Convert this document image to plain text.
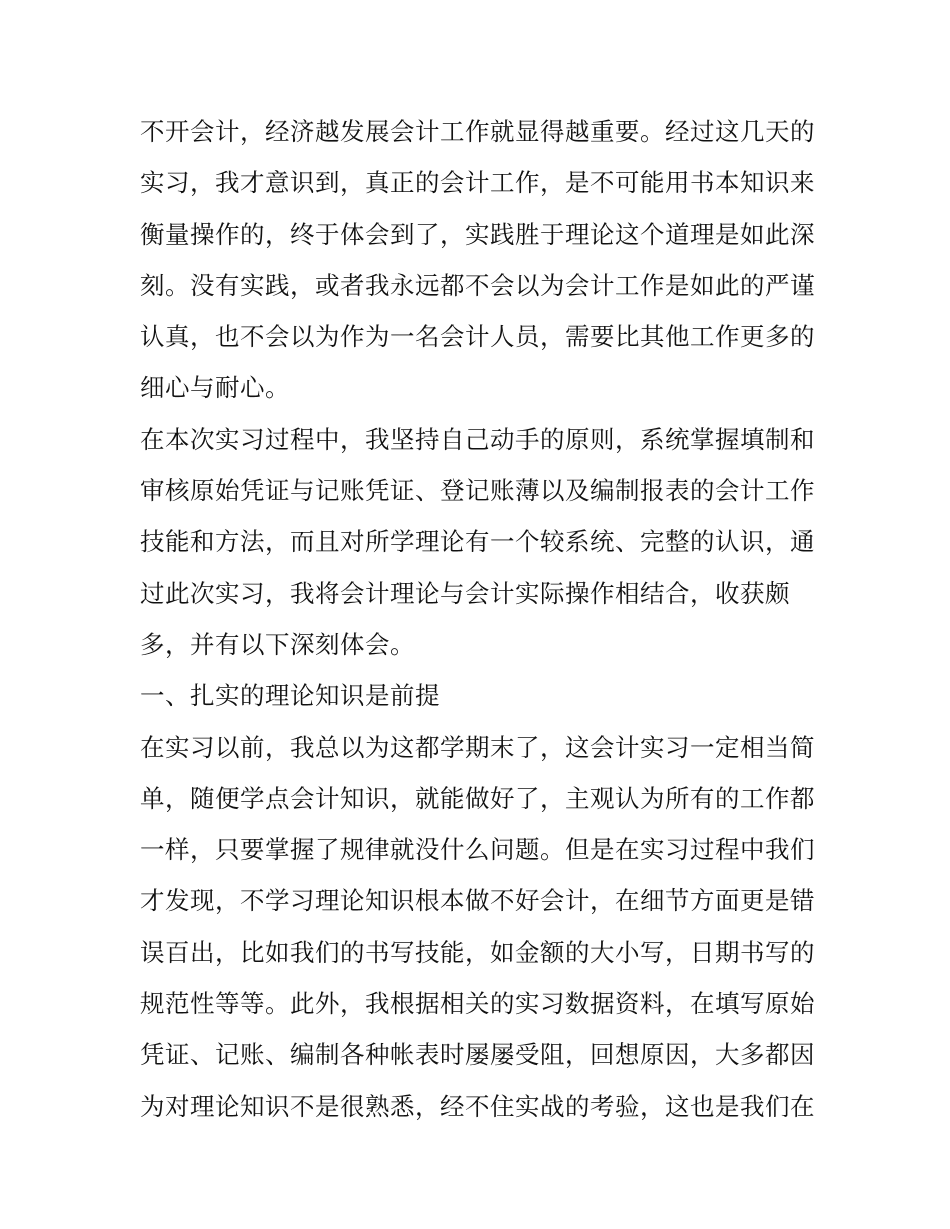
不开会计，经济越发展会计工作就显得越重要。经过这几天的
实习，我才意识到，真正的会计工作，是不可能用书本知识来
衡量操作的，终于体会到了，实践胜于理论这个道理是如此深
刻。没有实践，或者我永远都不会以为会计工作是如此的严谨
认真，也不会以为作为一名会计人员，需要比其他工作更多的
细心与耐心。
在本次实习过程中，我坚持自己动手的原则，系统掌握填制和
审核原始凭证与记账凭证、登记账薄以及编制报表的会计工作
技能和方法，而且对所学理论有一个较系统、完整的认识，通
过此次实习，我将会计理论与会计实际操作相结合，收获颇
多，并有以下深刻体会。
一、扎实的理论知识是前提
在实习以前，我总以为这都学期末了，这会计实习一定相当简
单，随便学点会计知识，就能做好了，主观认为所有的工作都
一样，只要掌握了规律就没什么问题。但是在实习过程中我们
才发现，不学习理论知识根本做不好会计，在细节方面更是错
误百出，比如我们的书写技能，如金额的大小写，日期书写的
规范性等等。此外，我根据相关的实习数据资料，在填写原始
凭证、记账、编制各种帐表时屡屡受阻，回想原因，大多都因
为对理论知识不是很熟悉，经不住实战的考验，这也是我们在
